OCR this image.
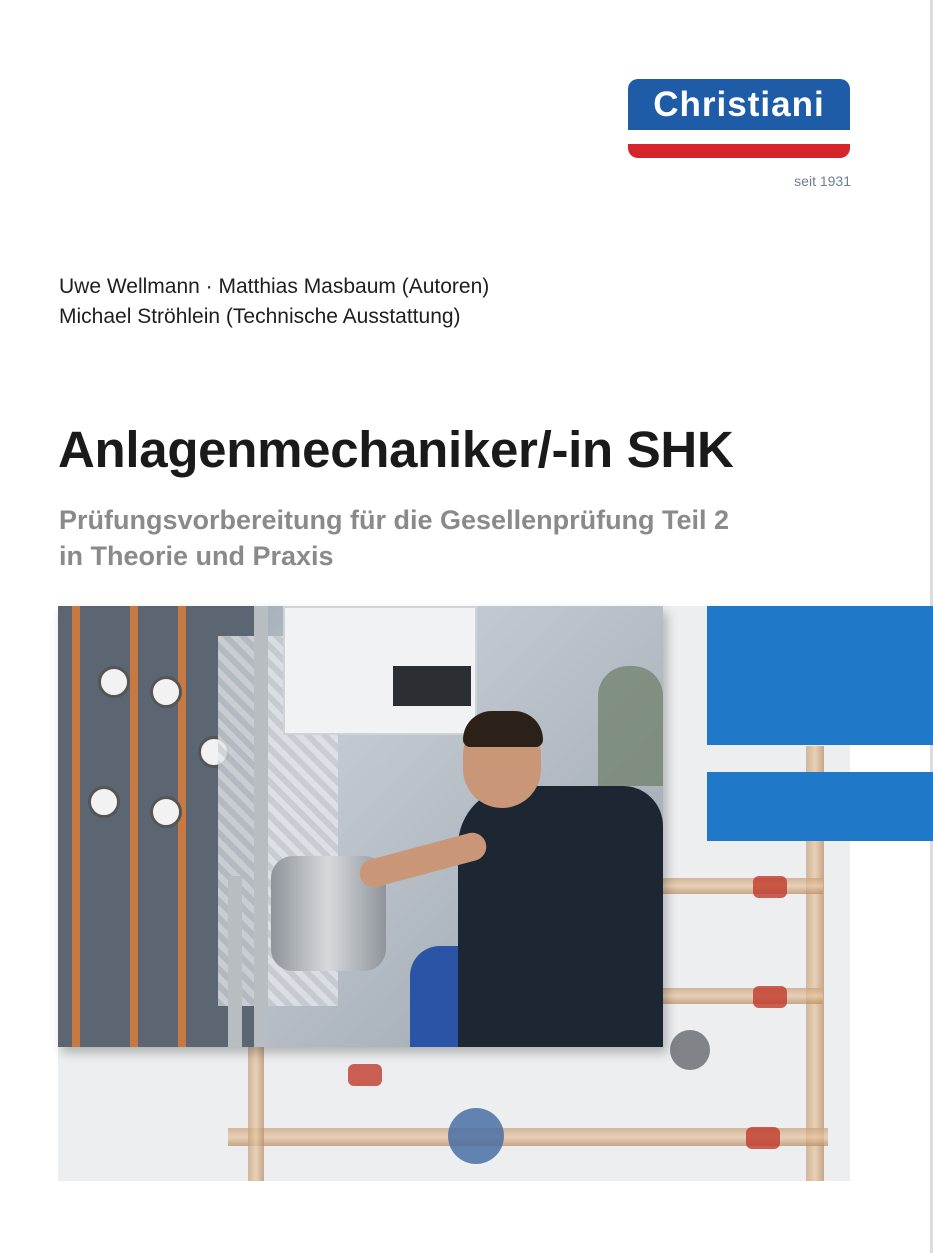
Christiani
seit 1931
Uwe Wellmann · Matthias Masbaum (Autoren)
Michael Ströhlein (Technische Ausstattung)
Anlagenmechaniker/-in SHK
Prüfungsvorbereitung für die Gesellenprüfung Teil 2
in Theorie und Praxis
